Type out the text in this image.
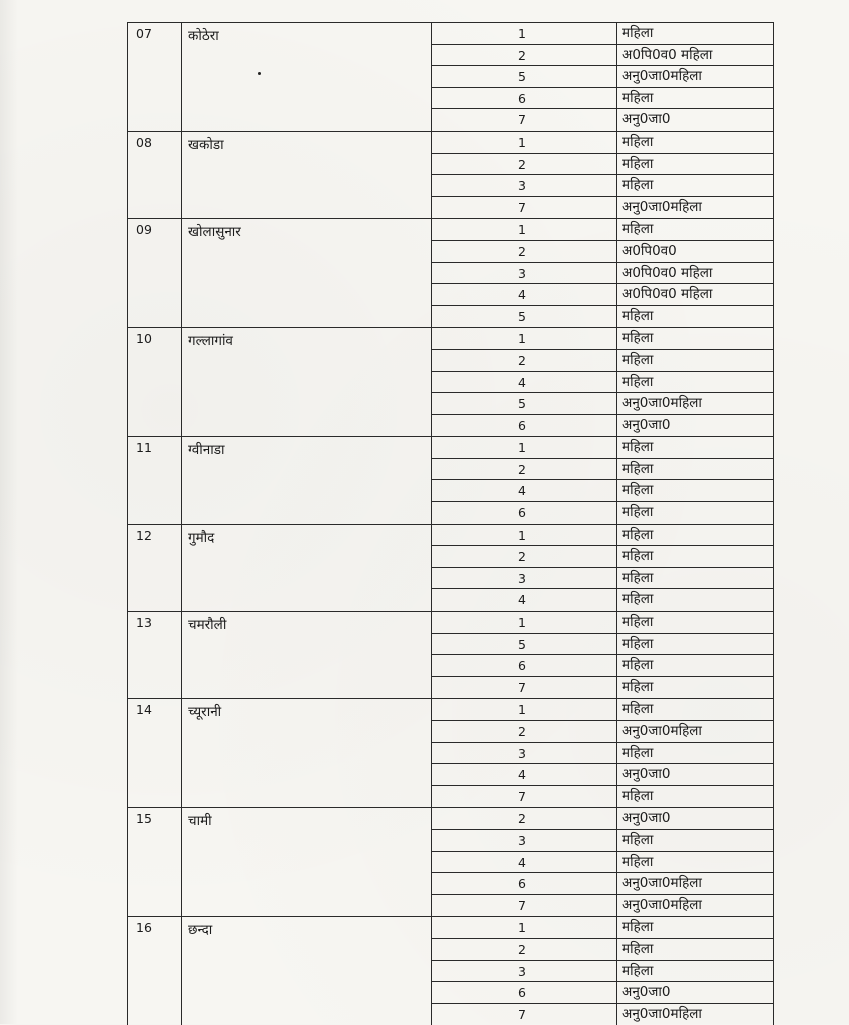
07	कोठेरा	1	महिला
2	अ0पि0व0 महिला
5	अनु0जा0महिला
6	महिला
7	अनु0जा0
08	खकोडा	1	महिला
2	महिला
3	महिला
7	अनु0जा0महिला
09	खोलासुनार	1	महिला
2	अ0पि0व0
3	अ0पि0व0 महिला
4	अ0पि0व0 महिला
5	महिला
10	गल्लागांव	1	महिला
2	महिला
4	महिला
5	अनु0जा0महिला
6	अनु0जा0
11	ग्वीनाडा	1	महिला
2	महिला
4	महिला
6	महिला
12	गुमौद	1	महिला
2	महिला
3	महिला
4	महिला
13	चमरौली	1	महिला
5	महिला
6	महिला
7	महिला
14	च्यूरानी	1	महिला
2	अनु0जा0महिला
3	महिला
4	अनु0जा0
7	महिला
15	चामी	2	अनु0जा0
3	महिला
4	महिला
6	अनु0जा0महिला
7	अनु0जा0महिला
16	छन्दा	1	महिला
2	महिला
3	महिला
6	अनु0जा0
7	अनु0जा0महिला
